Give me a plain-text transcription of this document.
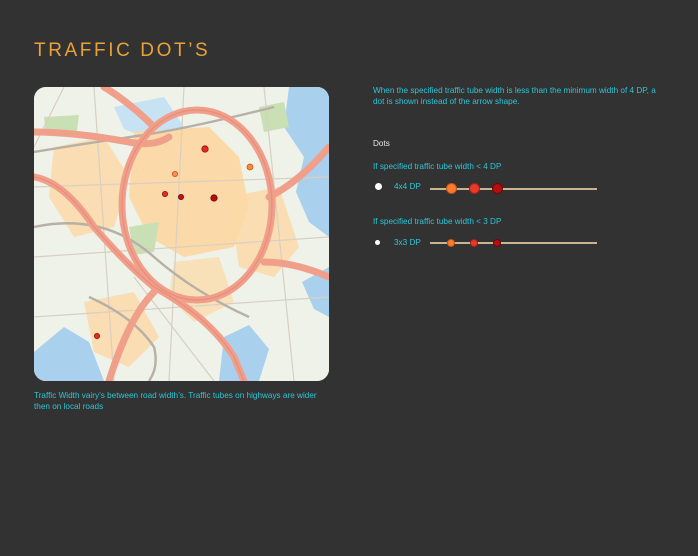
TRAFFIC DOT’S
Traffic Width vairy’s between road width’s. Traffic tubes on highways are wider then on local roads
When the specified traffic tube width is less than the minimum width of 4 DP, a dot is shown instead of the arrow shape.
Dots
If specified traffic tube width < 4 DP
4x4 DP
If specified traffic tube width < 3 DP
3x3 DP
